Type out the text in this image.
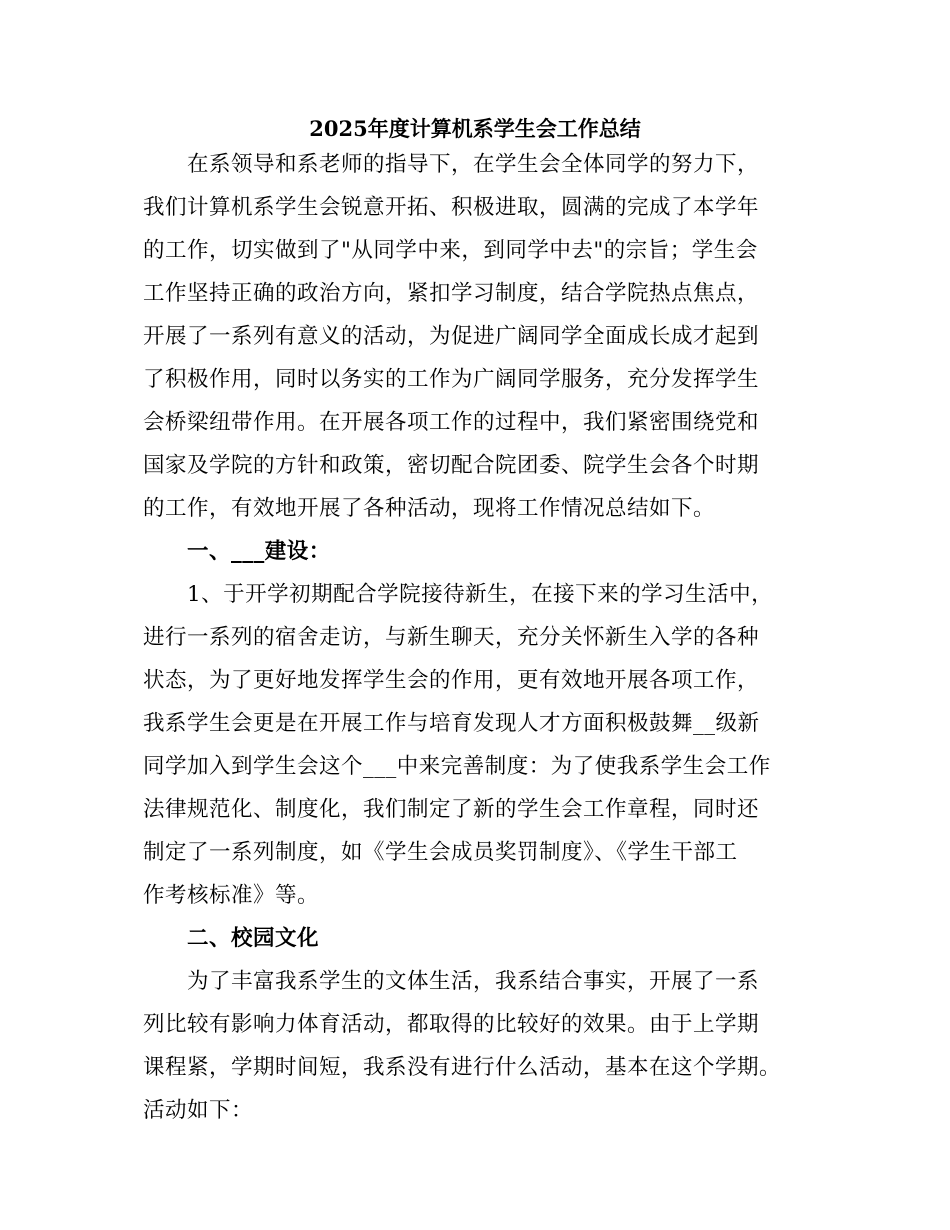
2025年度计算机系学生会工作总结
在系领导和系老师的指导下，在学生会全体同学的努力下，
我们计算机系学生会锐意开拓、积极进取，圆满的完成了本学年
的工作，切实做到了"从同学中来，到同学中去"的宗旨；学生会
工作坚持正确的政治方向，紧扣学习制度，结合学院热点焦点，
开展了一系列有意义的活动，为促进广阔同学全面成长成才起到
了积极作用，同时以务实的工作为广阔同学服务，充分发挥学生
会桥梁纽带作用。在开展各项工作的过程中，我们紧密围绕党和
国家及学院的方针和政策，密切配合院团委、院学生会各个时期
的工作，有效地开展了各种活动，现将工作情况总结如下。
一、___建设：
1、于开学初期配合学院接待新生，在接下来的学习生活中，
进行一系列的宿舍走访，与新生聊天，充分关怀新生入学的各种
状态，为了更好地发挥学生会的作用，更有效地开展各项工作，
我系学生会更是在开展工作与培育发现人才方面积极鼓舞__级新
同学加入到学生会这个___中来完善制度：为了使我系学生会工作
法律规范化、制度化，我们制定了新的学生会工作章程，同时还
制定了一系列制度，如《学生会成员奖罚制度》、《学生干部工
作考核标准》等。
二、校园文化
为了丰富我系学生的文体生活，我系结合事实，开展了一系
列比较有影响力体育活动，都取得的比较好的效果。由于上学期
课程紧，学期时间短，我系没有进行什么活动，基本在这个学期。
活动如下：
